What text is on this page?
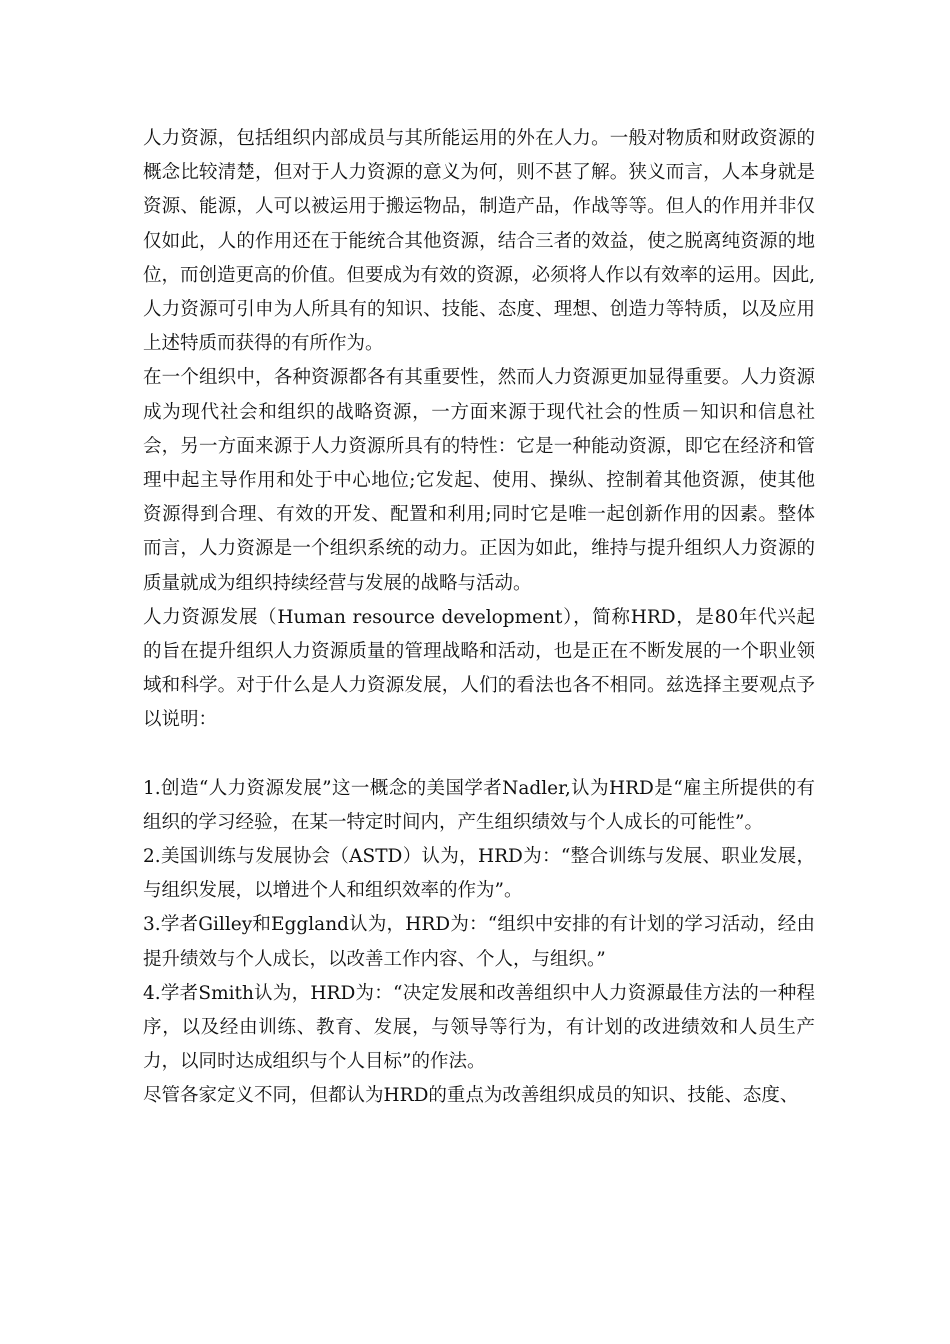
人力资源，包括组织内部成员与其所能运用的外在人力。一般对物质和财政资源的概念比较清楚，但对于人力资源的意义为何，则不甚了解。狭义而言，人本身就是资源、能源，人可以被运用于搬运物品，制造产品，作战等等。但人的作用并非仅仅如此，人的作用还在于能统合其他资源，结合三者的效益，使之脱离纯资源的地位，而创造更高的价值。但要成为有效的资源，必须将人作以有效率的运用。因此,人力资源可引申为人所具有的知识、技能、态度、理想、创造力等特质，以及应用上述特质而获得的有所作为。

在一个组织中，各种资源都各有其重要性，然而人力资源更加显得重要。人力资源成为现代社会和组织的战略资源，一方面来源于现代社会的性质－知识和信息社会，另一方面来源于人力资源所具有的特性：它是一种能动资源，即它在经济和管理中起主导作用和处于中心地位;它发起、使用、操纵、控制着其他资源，使其他资源得到合理、有效的开发、配置和利用;同时它是唯一起创新作用的因素。整体而言，人力资源是一个组织系统的动力。正因为如此，维持与提升组织人力资源的质量就成为组织持续经营与发展的战略与活动。

人力资源发展（Human resource development），简称HRD，是80年代兴起的旨在提升组织人力资源质量的管理战略和活动，也是正在不断发展的一个职业领域和科学。对于什么是人力资源发展，人们的看法也各不相同。兹选择主要观点予以说明：

1.创造“人力资源发展”这一概念的美国学者Nadler,认为HRD是“雇主所提供的有组织的学习经验，在某一特定时间内，产生组织绩效与个人成长的可能性”。

2.美国训练与发展协会（ASTD）认为，HRD为：“整合训练与发展、职业发展，与组织发展，以增进个人和组织效率的作为”。

3.学者Gilley和Eggland认为，HRD为：“组织中安排的有计划的学习活动，经由提升绩效与个人成长，以改善工作内容、个人，与组织。”

4.学者Smith认为，HRD为：“决定发展和改善组织中人力资源最佳方法的一种程序，以及经由训练、教育、发展，与领导等行为，有计划的改进绩效和人员生产力，以同时达成组织与个人目标”的作法。

尽管各家定义不同，但都认为HRD的重点为改善组织成员的知识、技能、态度、
